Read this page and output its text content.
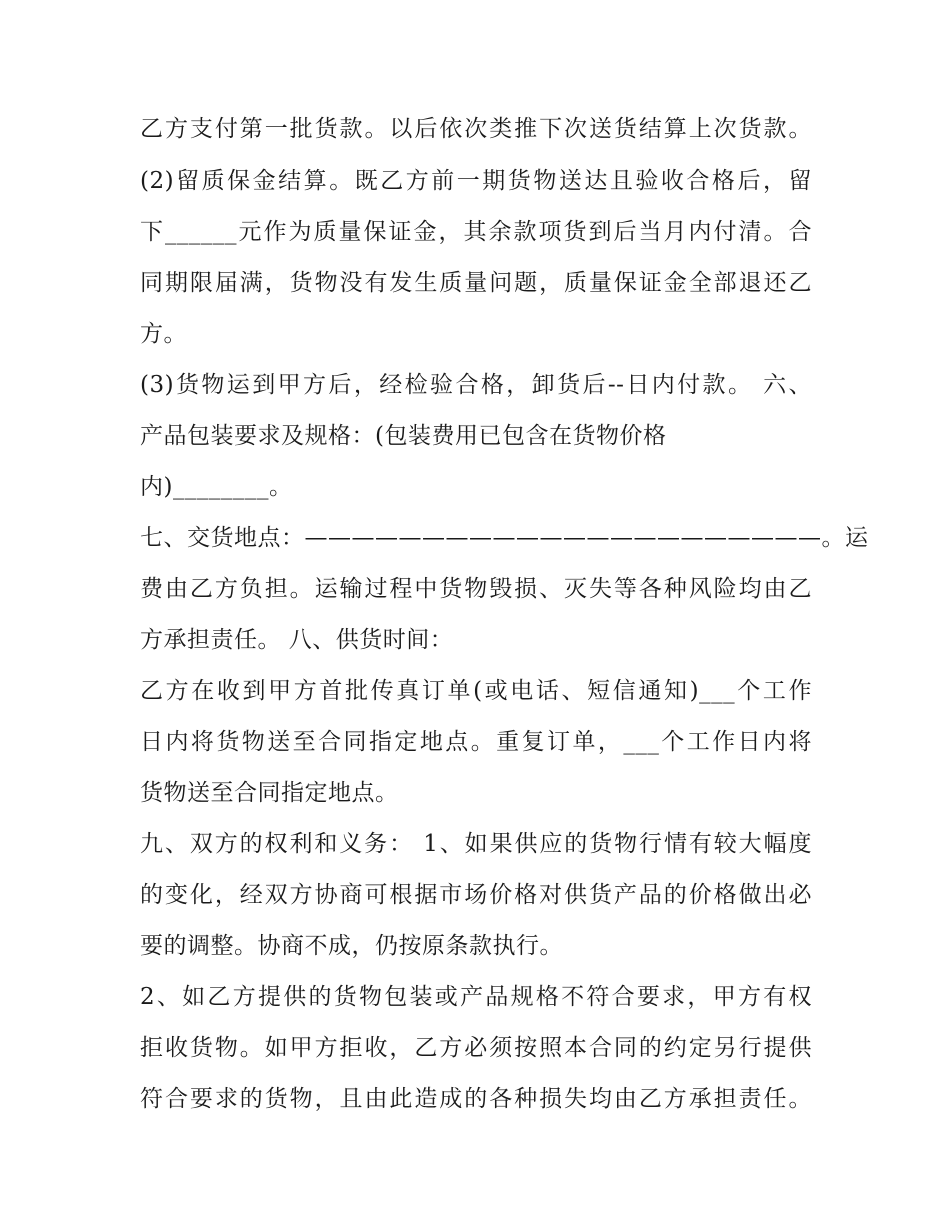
乙方支付第一批货款。以后依次类推下次送货结算上次货款。
(2)留质保金结算。既乙方前一期货物送达且验收合格后，留
下______元作为质量保证金，其余款项货到后当月内付清。合
同期限届满，货物没有发生质量问题，质量保证金全部退还乙
方。
(3)货物运到甲方后，经检验合格，卸货后--日内付款。 六、
产品包装要求及规格：(包装费用已包含在货物价格
内)________。
七、交货地点：——————————————————————。运
费由乙方负担。运输过程中货物毁损、灭失等各种风险均由乙
方承担责任。 八、供货时间：
乙方在收到甲方首批传真订单(或电话、短信通知)___个工作
日内将货物送至合同指定地点。重复订单，___个工作日内将
货物送至合同指定地点。
九、双方的权利和义务： 1、如果供应的货物行情有较大幅度
的变化，经双方协商可根据市场价格对供货产品的价格做出必
要的调整。协商不成，仍按原条款执行。
2、如乙方提供的货物包装或产品规格不符合要求，甲方有权
拒收货物。如甲方拒收，乙方必须按照本合同的约定另行提供
符合要求的货物，且由此造成的各种损失均由乙方承担责任。
